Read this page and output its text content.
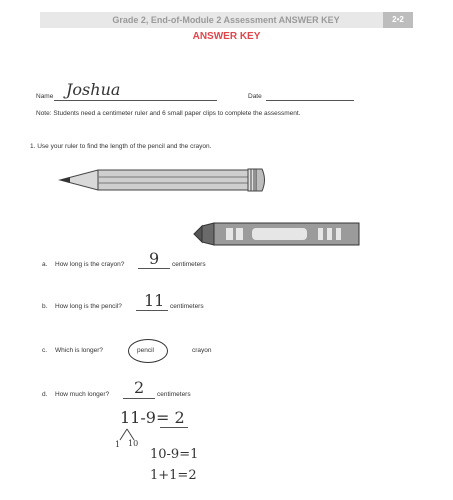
Grade 2, End-of-Module 2 Assessment ANSWER KEY	2•2
ANSWER KEY
Name Joshua	Date
Note: Students need a centimeter ruler and 6 small paper clips to complete the assessment.
1. Use your ruler to find the length of the pencil and the crayon.
a. How long is the crayon? 9 centimeters
b. How long is the pencil? 11 centimeters
c. Which is longer?	pencil	crayon
d. How much longer? 2 centimeters
11-9= 2
1 10
10-9=1
1+1=2
